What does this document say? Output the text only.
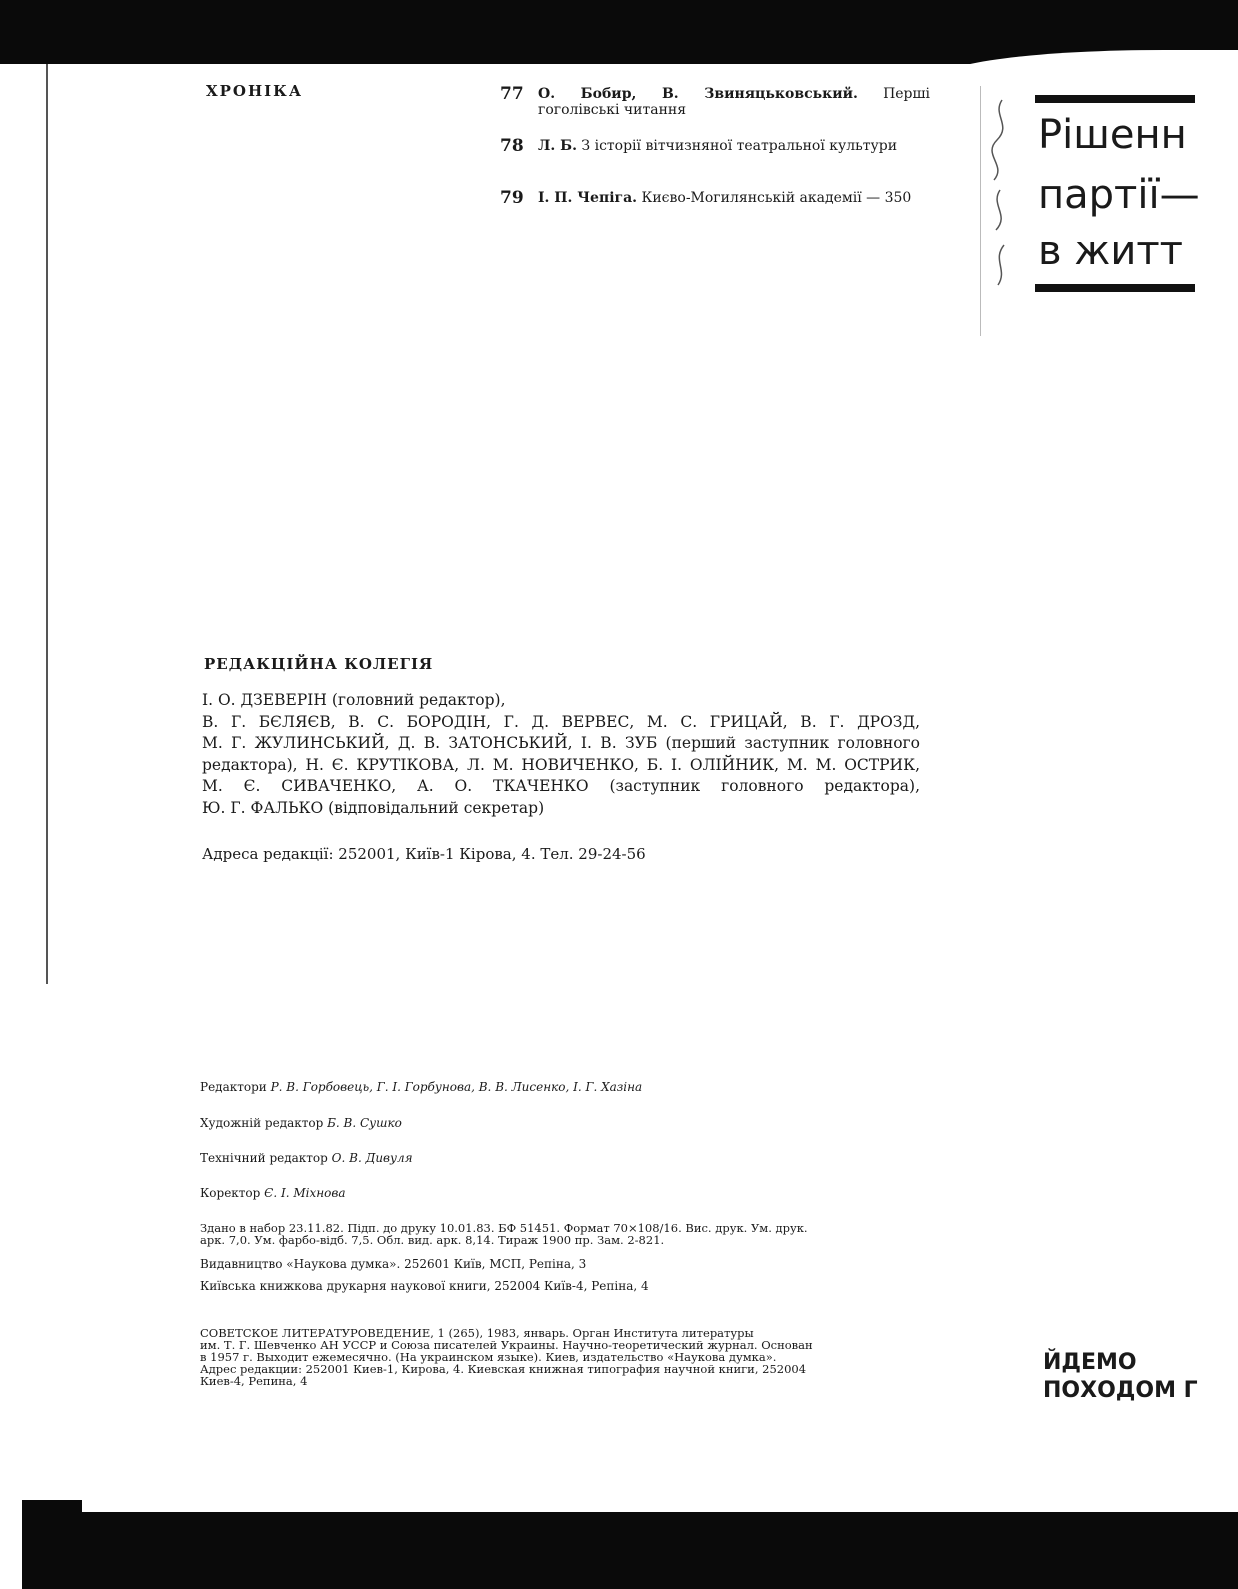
ХРОНІКА	77 О. Бобир, В. Звиняцьковський. Перші гоголівські читання
78 Л. Б. З історії вітчизняної театральної культури
79 І. П. Чепіга. Києво-Могилянській академії — 350
РЕДАКЦІЙНА КОЛЕГІЯ
І. О. ДЗЕВЕРІН (головний редактор),
В. Г. БЄЛЯЄВ, В. С. БОРОДІН, Г. Д. ВЕРВЕС, М. С. ГРИЦАЙ, В. Г. ДРОЗД,
М. Г. ЖУЛИНСЬКИЙ, Д. В. ЗАТОНСЬКИЙ, І. В. ЗУБ (перший заступник головного
редактора), Н. Є. КРУТІКОВА, Л. М. НОВИЧЕНКО, Б. І. ОЛІЙНИК, М. М. ОСТРИК,
М. Є. СИВАЧЕНКО, А. О. ТКАЧЕНКО (заступник головного редактора),
Ю. Г. ФАЛЬКО (відповідальний секретар)
Адреса редакції: 252001, Київ-1 Кірова, 4. Тел. 29-24-56
Редактори Р. В. Горбовець, Г. І. Горбунова, В. В. Лисенко, І. Г. Хазіна
Художній редактор Б. В. Сушко
Технічний редактор О. В. Дивуля
Коректор Є. І. Міхнова
Здано в набор 23.11.82. Підп. до друку 10.01.83. БФ 51451. Формат 70×108/16. Вис. друк. Ум. друк.
арк. 7,0. Ум. фарбо-відб. 7,5. Обл. вид. арк. 8,14. Тираж 1900 пр. Зам. 2-821.
Видавництво «Наукова думка». 252601 Київ, МСП, Репіна, 3
Київська книжкова друкарня наукової книги, 252004 Київ-4, Репіна, 4
СОВЕТСКОЕ ЛИТЕРАТУРОВЕДЕНИЕ, 1 (265), 1983, январь. Орган Института литературы
им. Т. Г. Шевченко АН УССР и Союза писателей Украины. Научно-теоретический журнал. Основан
в 1957 г. Выходит ежемесячно. (На украинском языке). Киев, издательство «Наукова думка».
Адрес редакции: 252001 Киев-1, Кирова, 4. Киевская книжная типография научной книги, 252004
Киев-4, Репина, 4
Рішенн
партії—
в житт
ЙДЕМО
ПОХОДОМ Г
